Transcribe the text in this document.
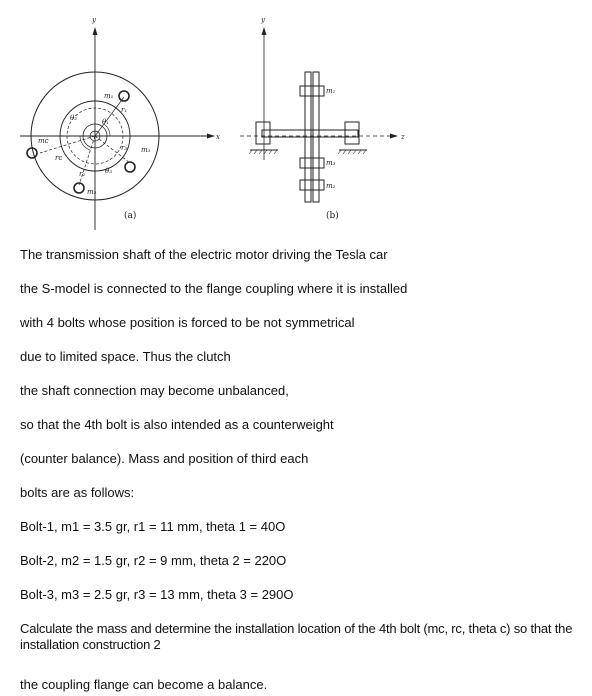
y
x
m₁
r₁
mᴄ
rᴄ
m₂
r₂
m₃
r₃
θ₁
θ₂
θ₃
(a)
y
z
m₁
m₃
m₂
(b)
The transmission shaft of the electric motor driving the Tesla car
the S-model is connected to the flange coupling where it is installed
with 4 bolts whose position is forced to be not symmetrical
due to limited space. Thus the clutch
the shaft connection may become unbalanced,
so that the 4th bolt is also intended as a counterweight
(counter balance). Mass and position of third each
bolts are as follows:
Bolt-1, m1 = 3.5 gr, r1 = 11 mm, theta 1 = 40O
Bolt-2, m2 = 1.5 gr, r2 = 9 mm, theta 2 = 220O
Bolt-3, m3 = 2.5 gr, r3 = 13 mm, theta 3 = 290O
Calculate the mass and determine the installation location of the 4th bolt (mc, rc, theta c) so that the installation construction 2
the coupling flange can become a balance.
